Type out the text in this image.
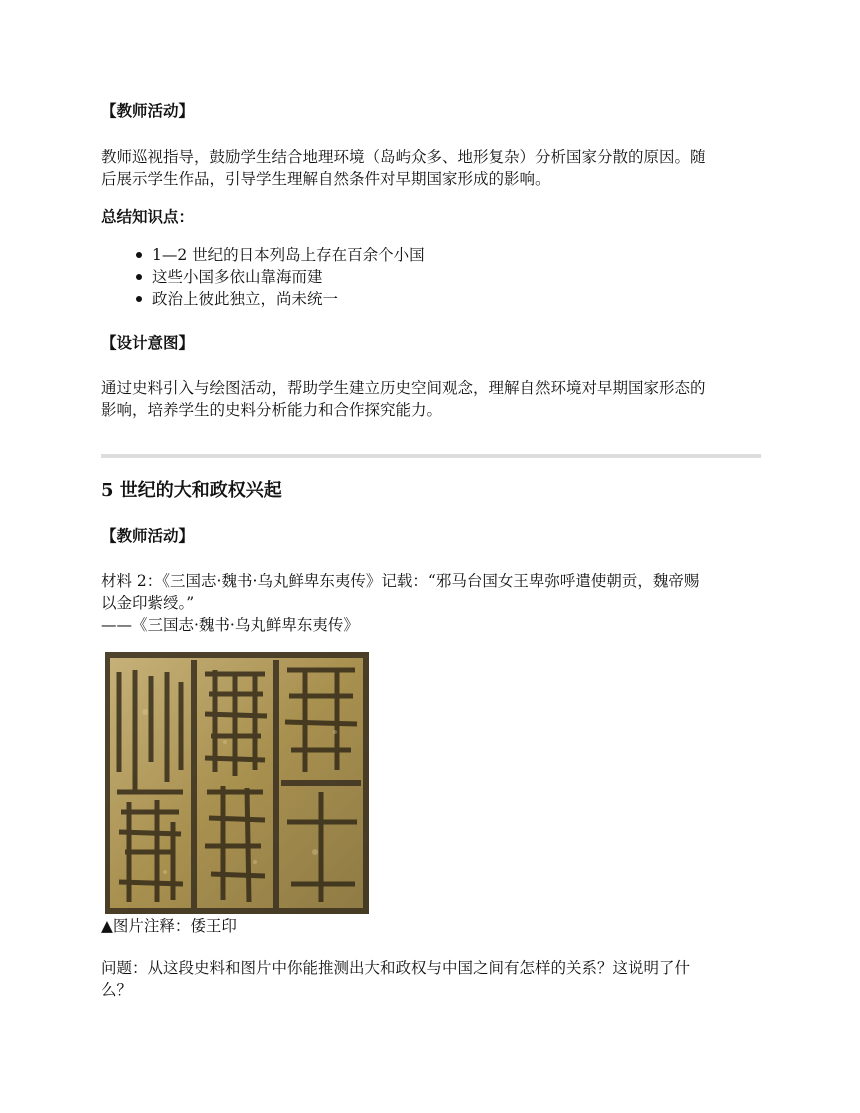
【教师活动】
教师巡视指导，鼓励学生结合地理环境（岛屿众多、地形复杂）分析国家分散的原因。随
后展示学生作品，引导学生理解自然条件对早期国家形成的影响。
总结知识点：
1—2 世纪的日本列岛上存在百余个小国
这些小国多依山靠海而建
政治上彼此独立，尚未统一
【设计意图】
通过史料引入与绘图活动，帮助学生建立历史空间观念，理解自然环境对早期国家形态的
影响，培养学生的史料分析能力和合作探究能力。
5 世纪的大和政权兴起
【教师活动】
材料 2：《三国志·魏书·乌丸鲜卑东夷传》记载：“邪马台国女王卑弥呼遣使朝贡，魏帝赐
以金印紫绶。”
——《三国志·魏书·乌丸鲜卑东夷传》
▲图片注释：倭王印
问题：从这段史料和图片中你能推测出大和政权与中国之间有怎样的关系？这说明了什
么？
